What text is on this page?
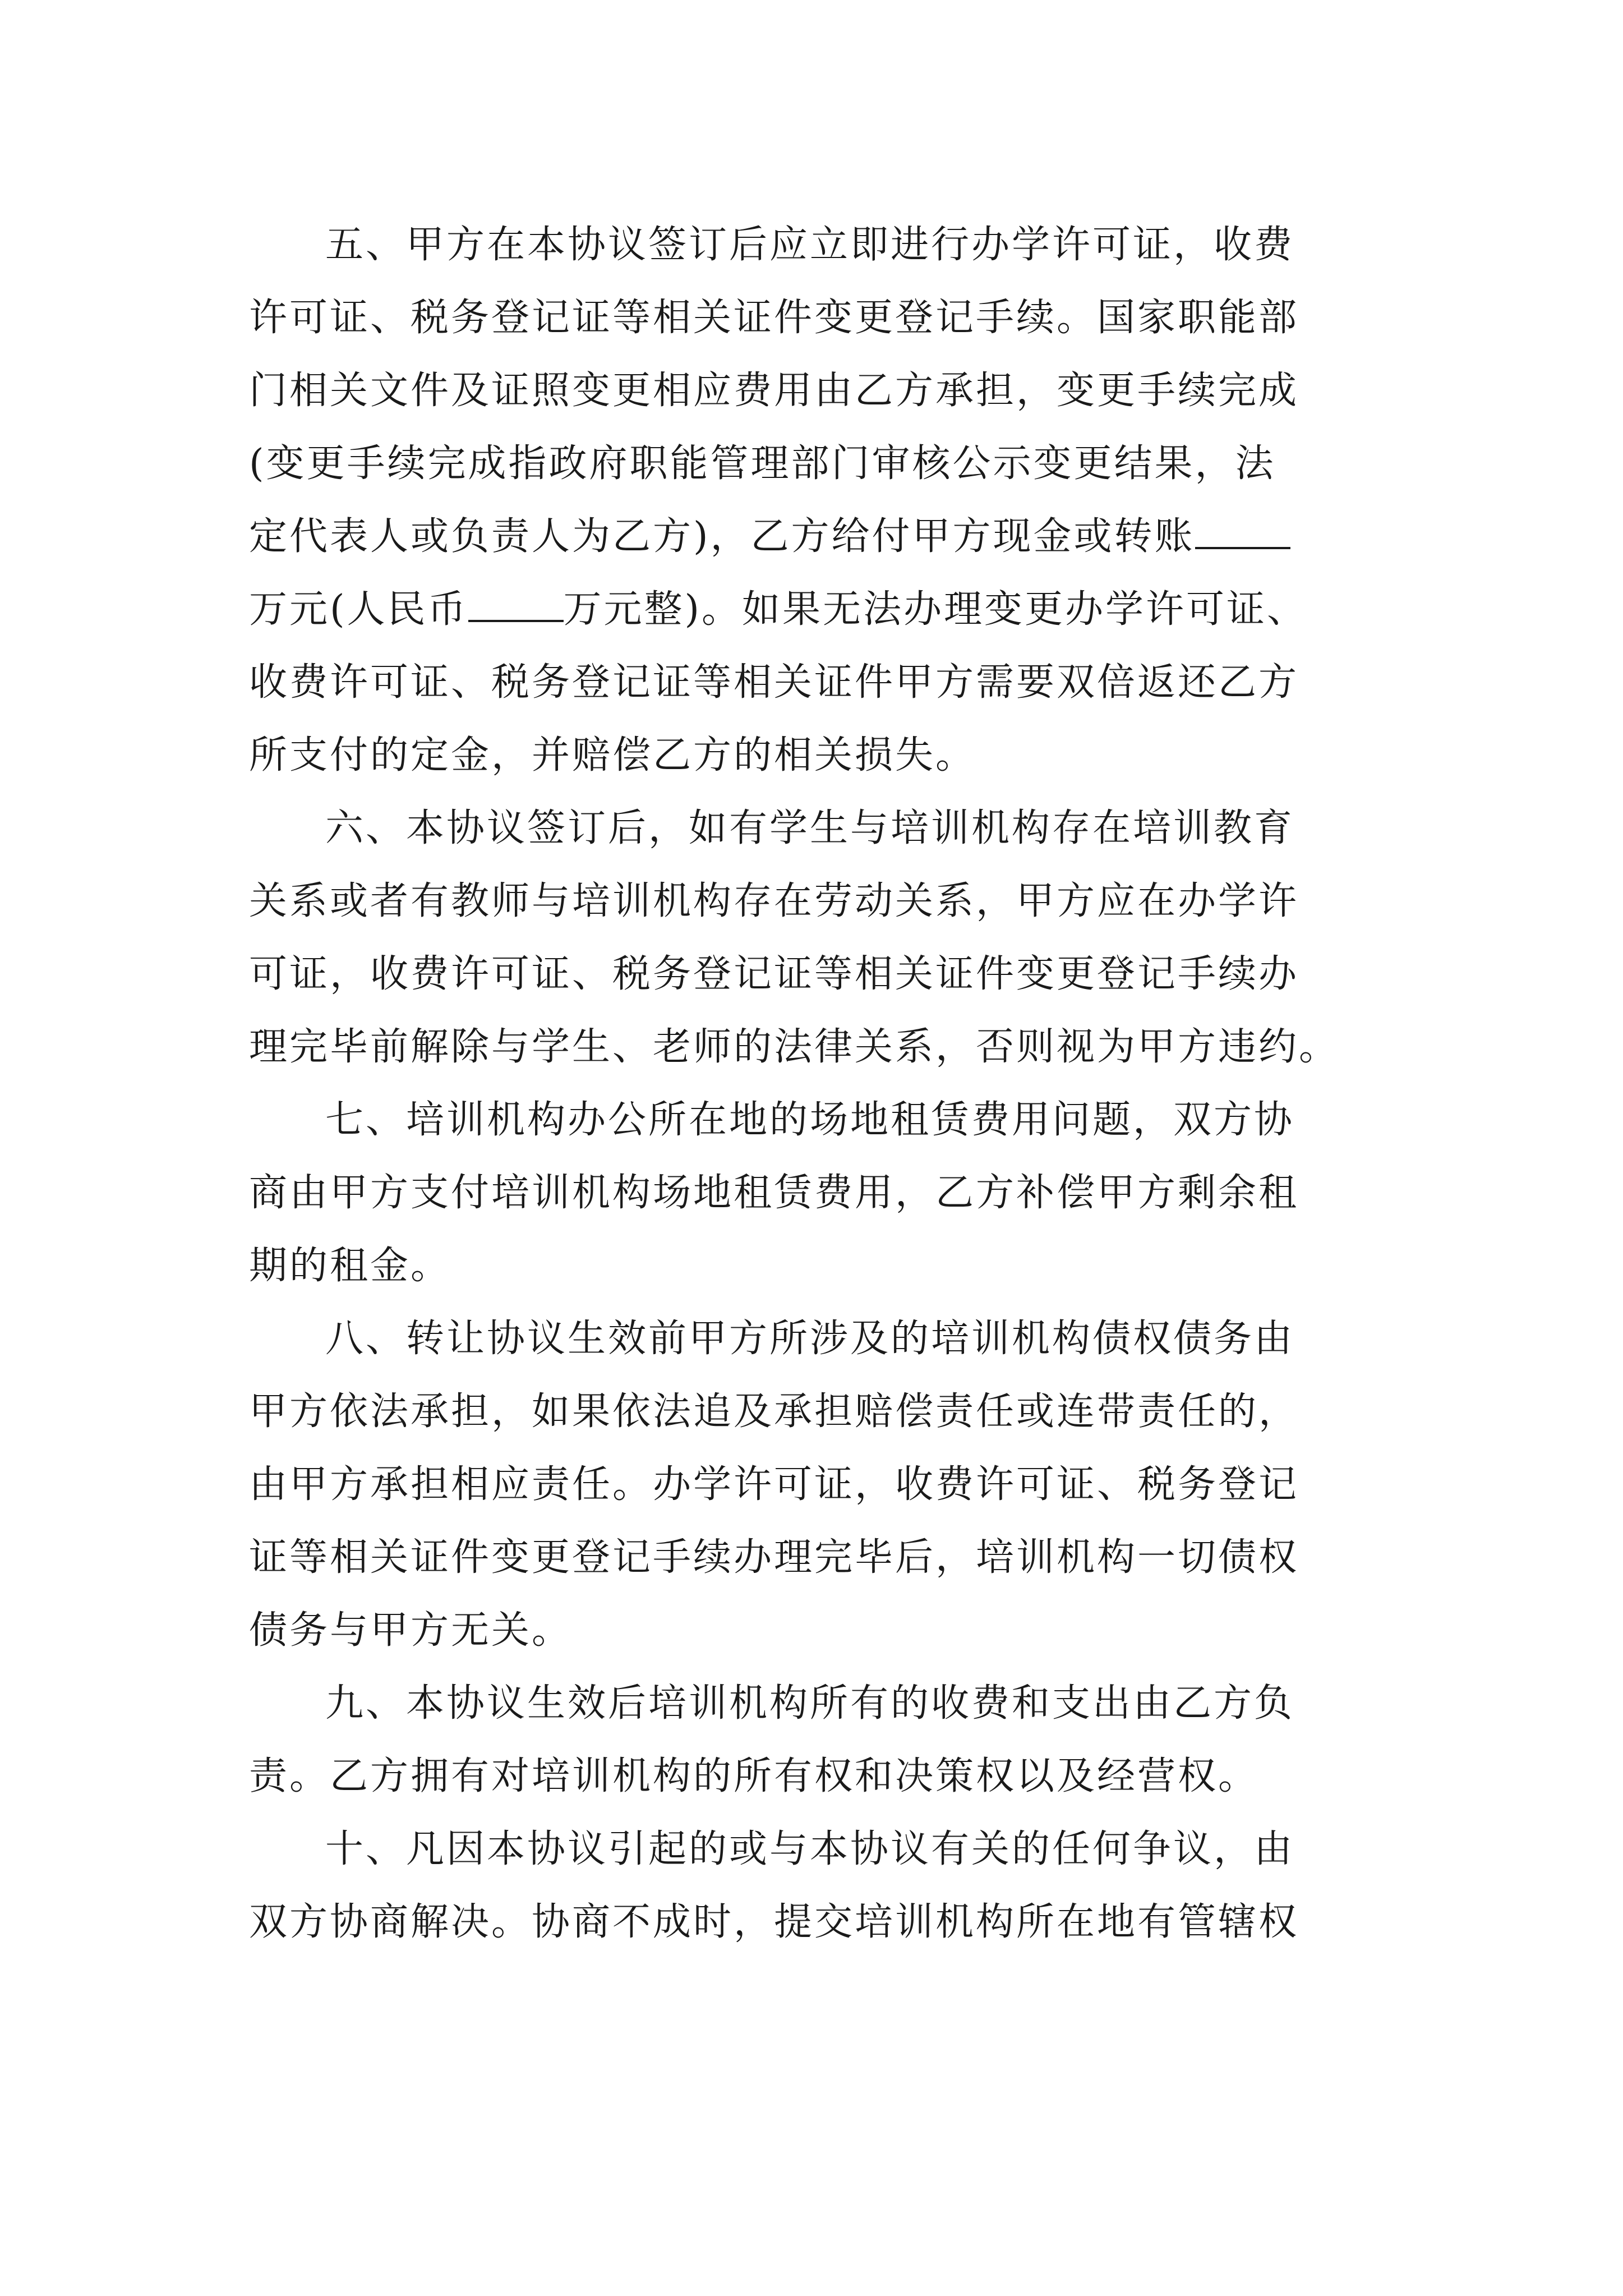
五、甲方在本协议签订后应立即进行办学许可证，收费
许可证、税务登记证等相关证件变更登记手续。国家职能部
门相关文件及证照变更相应费用由乙方承担，变更手续完成
(变更手续完成指政府职能管理部门审核公示变更结果，法
定代表人或负责人为乙方)，乙方给付甲方现金或转账
万元(人民币	万元整)。如果无法办理变更办学许可证、
收费许可证、税务登记证等相关证件甲方需要双倍返还乙方
所支付的定金，并赔偿乙方的相关损失。

六、本协议签订后，如有学生与培训机构存在培训教育
关系或者有教师与培训机构存在劳动关系，甲方应在办学许
可证，收费许可证、税务登记证等相关证件变更登记手续办
理完毕前解除与学生、老师的法律关系，否则视为甲方违约。

七、培训机构办公所在地的场地租赁费用问题，双方协
商由甲方支付培训机构场地租赁费用，乙方补偿甲方剩余租
期的租金。

八、转让协议生效前甲方所涉及的培训机构债权债务由
甲方依法承担，如果依法追及承担赔偿责任或连带责任的，
由甲方承担相应责任。办学许可证，收费许可证、税务登记
证等相关证件变更登记手续办理完毕后，培训机构一切债权
债务与甲方无关。

九、本协议生效后培训机构所有的收费和支出由乙方负
责。乙方拥有对培训机构的所有权和决策权以及经营权。

十、凡因本协议引起的或与本协议有关的任何争议，由
双方协商解决。协商不成时，提交培训机构所在地有管辖权
